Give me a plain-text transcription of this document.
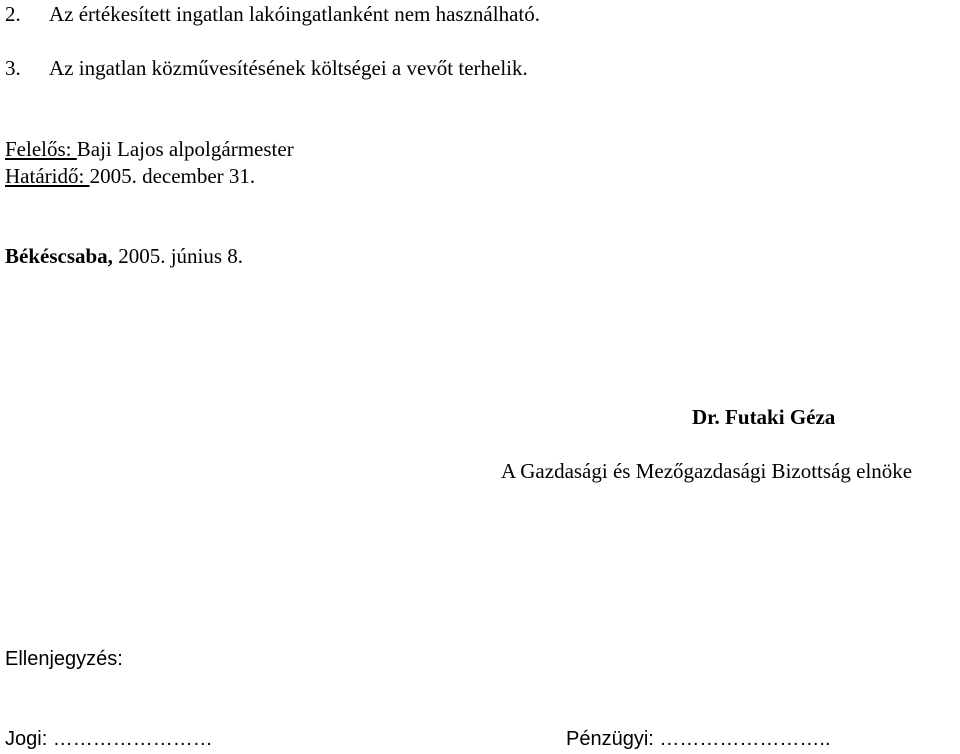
2. Az értékesített ingatlan lakóingatlanként nem használható.
3. Az ingatlan közművesítésének költségei a vevőt terhelik.
Felelős: Baji Lajos alpolgármester
Határidő: 2005. december 31.
Békéscsaba, 2005. június 8.
Dr. Futaki Géza
A Gazdasági és Mezőgazdasági Bizottság elnöke
Ellenjegyzés:
Jogi: ……………………	Pénzügyi: ……………………..
